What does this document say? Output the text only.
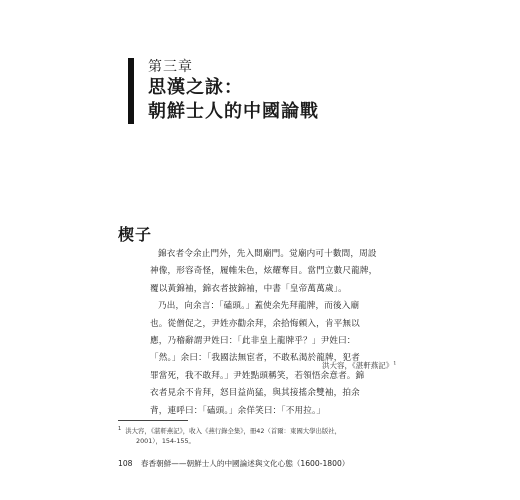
第三章
思漢之詠：
朝鮮士人的中國論戰
楔子
錦衣者令余止門外，先入間廟門。觉廟内可十數間，周設
神像，形容奇怪，履帷朱色，炫耀奪目。當門立數尺龍牌，
覆以黃錦袖，錦衣者披錦袖，中書「皇帝萬萬歲」。
乃出，向余言：「磕頭。」蓋使余先拜龍牌，而後入廟
也。從僧促之，尹姓亦勸余拜，余拾悔頼入，肯平無以
應，乃稽辭謂尹姓曰：「此非皇上龍牌乎？」尹姓曰：
「然。」余曰：「我國法無宦者，不敢私渴於龍牌，犯者
罪當死，我不敢拜。」尹姓點頭稱笑，若領悟余意者。錦
衣者見余不肯拜，怒目益尚猛，與其接搖余雙袖，拍余
背，連呼曰：「磕頭。」余佯笑曰：「不用拉。」
洪大容，《湛軒燕記》$^1$
$^1$ 洪大容，《湛軒燕記》，收入《燕行錄全集》，冊42（首爾：東國大學出版社，
2001），154-155。
108 春香朝鮮——朝鮮士人的中國論述與文化心態（1600-1800）
